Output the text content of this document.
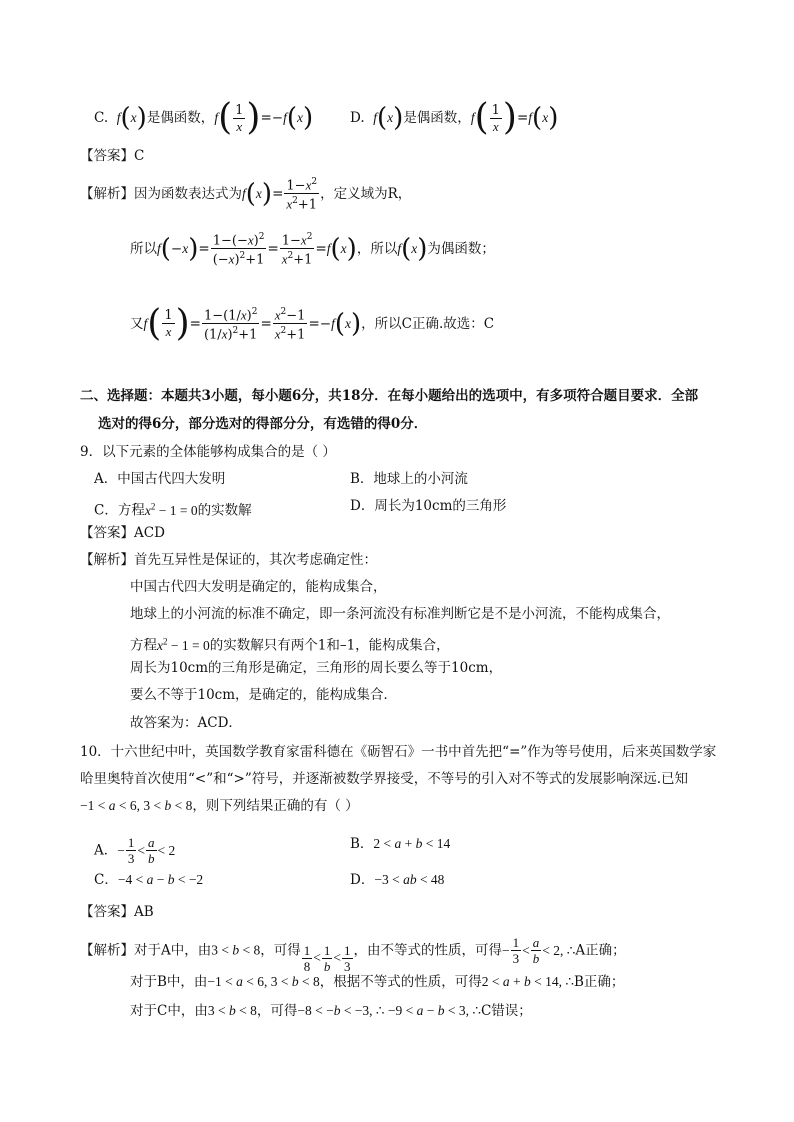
C. f ( x ) 是偶函数， f ( $\frac{1}{x}$ ) =− f ( x )	D. f ( x ) 是偶函数， f ( $\frac{1}{x}$ ) = f ( x )
【答案】C
【解析】因为函数表达式为 f ( x ) = $\frac{1-x^2}{x^2+1}$ ，定义域为R，
所以 f ( − x ) = $\frac{1-(-x)^2}{(-x)^2+1} = \frac{1-x^2}{x^2+1} = f$ ( x ) ，所以 f ( x ) 为偶函数；
又 f ( $\frac{1}{x}$ ) = $\frac{1-(1/x)^2}{(1/x)^2+1} = \frac{x^2-1}{x^2+1} =- f$ ( x ) ，所以C正确.故选：C
二、选择题：本题共3小题，每小题6分，共18分．在每小题给出的选项中，有多项符合题目要求．全部
选对的得6分，部分选对的得部分分，有选错的得0分．
9．以下元素的全体能够构成集合的是（ ）
A．中国古代四大发明	B．地球上的小河流
C．方程$x^2 - 1 = 0$的实数解	D．周长为10cm的三角形
【答案】ACD
【解析】首先互异性是保证的，其次考虑确定性：
中国古代四大发明是确定的，能构成集合，
地球上的小河流的标准不确定，即一条河流没有标准判断它是不是小河流，不能构成集合，
方程$x^2 - 1 = 0$的实数解只有两个1和–1，能构成集合，
周长为10cm的三角形是确定，三角形的周长要么等于10cm，
要么不等于10cm，是确定的，能构成集合．
故答案为：ACD．
10．十六世纪中叶，英国数学教育家雷科德在《砺智石》一书中首先把“=”作为等号使用，后来英国数学家
哈里奥特首次使用“<”和“>”符号，并逐渐被数学界接受，不等号的引入对不等式的发展影响深远.已知
−1 < a < 6, 3 < b < 8，则下列结果正确的有（ ）
A． − $\frac{1}{3} < \frac{a}{b} < 2$	B．2 < a + b < 14
C．−4 < a − b < −2	D．−3 < ab < 48
【答案】AB
【解析】对于A中，由3 < b < 8，可得 $\frac{1}{8} < \frac{1}{b} < \frac{1}{3}$ ，由不等式的性质，可得 − $\frac{1}{3} < \frac{a}{b} < 2$, ∴ A正确；
对于B中，由−1 < a < 6, 3 < b < 8，根据不等式的性质，可得2 < a + b < 14, ∴B正确；
对于C中，由3 < b < 8，可得−8 < −b < −3, ∴ −9 < a − b < 3, ∴C错误；
